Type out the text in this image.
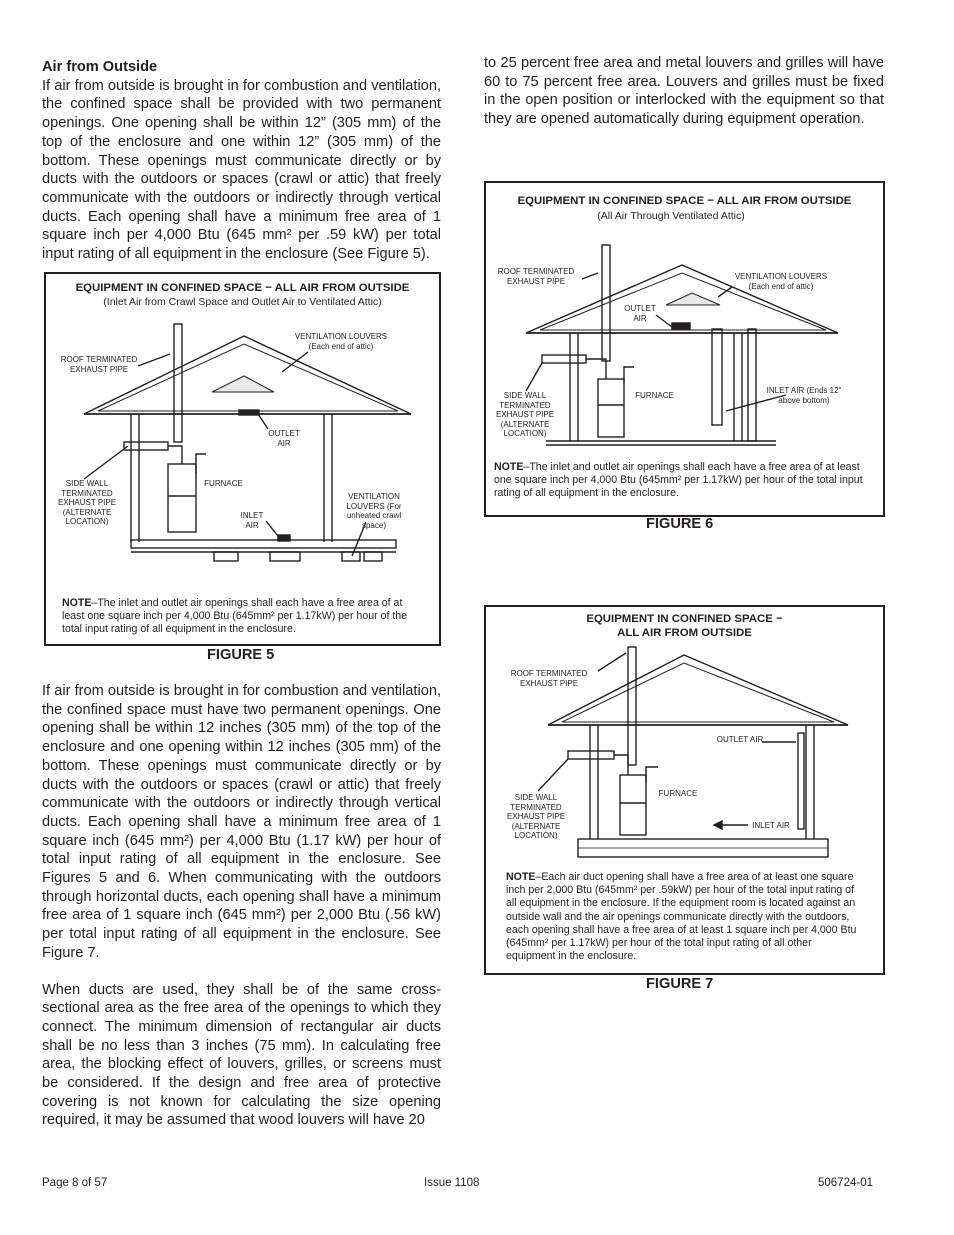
Air from Outside

If air from outside is brought in for combustion and ventilation, the confined space shall be provided with two permanent openings. One opening shall be within 12” (305 mm) of the top of the enclosure and one within 12” (305 mm) of the bottom. These openings must communicate directly or by ducts with the outdoors or spaces (crawl or attic) that freely communicate with the outdoors or indirectly through vertical ducts. Each opening shall have a minimum free area of 1 square inch per 4,000 Btu (645 mm² per .59 kW) per total input rating of all equipment in the enclosure (See Figure 5).

EQUIPMENT IN CONFINED SPACE − ALL AIR FROM OUTSIDE
(Inlet Air from Crawl Space and Outlet Air to Ventilated Attic)
ROOF TERMINATED EXHAUST PIPE
VENTILATION LOUVERS (Each end of attic)
OUTLET AIR
SIDE WALL TERMINATED EXHAUST PIPE (ALTERNATE LOCATION)
FURNACE
INLET AIR
VENTILATION LOUVERS (For unheated crawl space)
NOTE–The inlet and outlet air openings shall each have a free area of at least one square inch per 4,000 Btu (645mm² per 1.17kW) per hour of the total input rating of all equipment in the enclosure.
FIGURE 5

If air from outside is brought in for combustion and ventilation, the confined space must have two permanent openings. One opening shall be within 12 inches (305 mm) of the top of the enclosure and one opening within 12 inches (305 mm) of the bottom. These openings must communicate directly or by ducts with the outdoors or spaces (crawl or attic) that freely communicate with the outdoors or indirectly through vertical ducts. Each opening shall have a minimum free area of 1 square inch (645 mm²) per 4,000 Btu (1.17 kW) per hour of total input rating of all equipment in the enclosure. See Figures 5 and 6. When communicating with the outdoors through horizontal ducts, each opening shall have a minimum free area of 1 square inch (645 mm²) per 2,000 Btu (.56 kW) per total input rating of all equipment in the enclosure. See Figure 7.

When ducts are used, they shall be of the same cross-sectional area as the free area of the openings to which they connect. The minimum dimension of rectangular air ducts shall be no less than 3 inches (75 mm). In calculating free area, the blocking effect of louvers, grilles, or screens must be considered. If the design and free area of protective covering is not known for calculating the size opening required, it may be assumed that wood louvers will have 20

to 25 percent free area and metal louvers and grilles will have 60 to 75 percent free area. Louvers and grilles must be fixed in the open position or interlocked with the equipment so that they are opened automatically during equipment operation.

EQUIPMENT IN CONFINED SPACE − ALL AIR FROM OUTSIDE
(All Air Through Ventilated Attic)
ROOF TERMINATED EXHAUST PIPE	VENTILATION LOUVERS (Each end of attic)
OUTLET AIR
SIDE WALL TERMINATED EXHAUST PIPE (ALTERNATE LOCATION)
FURNACE
INLET AIR (Ends 12" above bottom)
NOTE–The inlet and outlet air openings shall each have a free area of at least one square inch per 4,000 Btu (645mm² per 1.17kW) per hour of the total input rating of all equipment in the enclosure.
FIGURE 6
EQUIPMENT IN CONFINED SPACE −
ALL AIR FROM OUTSIDE
ROOF TERMINATED EXHAUST PIPE
OUTLET AIR
SIDE WALL TERMINATED EXHAUST PIPE (ALTERNATE LOCATION)
FURNACE
INLET AIR
NOTE–Each air duct opening shall have a free area of at least one square inch per 2,000 Btu (645mm² per .59kW) per hour of the total input rating of all equipment in the enclosure. If the equipment room is located against an outside wall and the air openings communicate directly with the outdoors, each opening shall have a free area of at least 1 square inch per 4,000 Btu (645mm² per 1.17kW) per hour of the total input rating of all other equipment in the enclosure.
FIGURE 7
Page 8 of 57	Issue 1108	506724-01
